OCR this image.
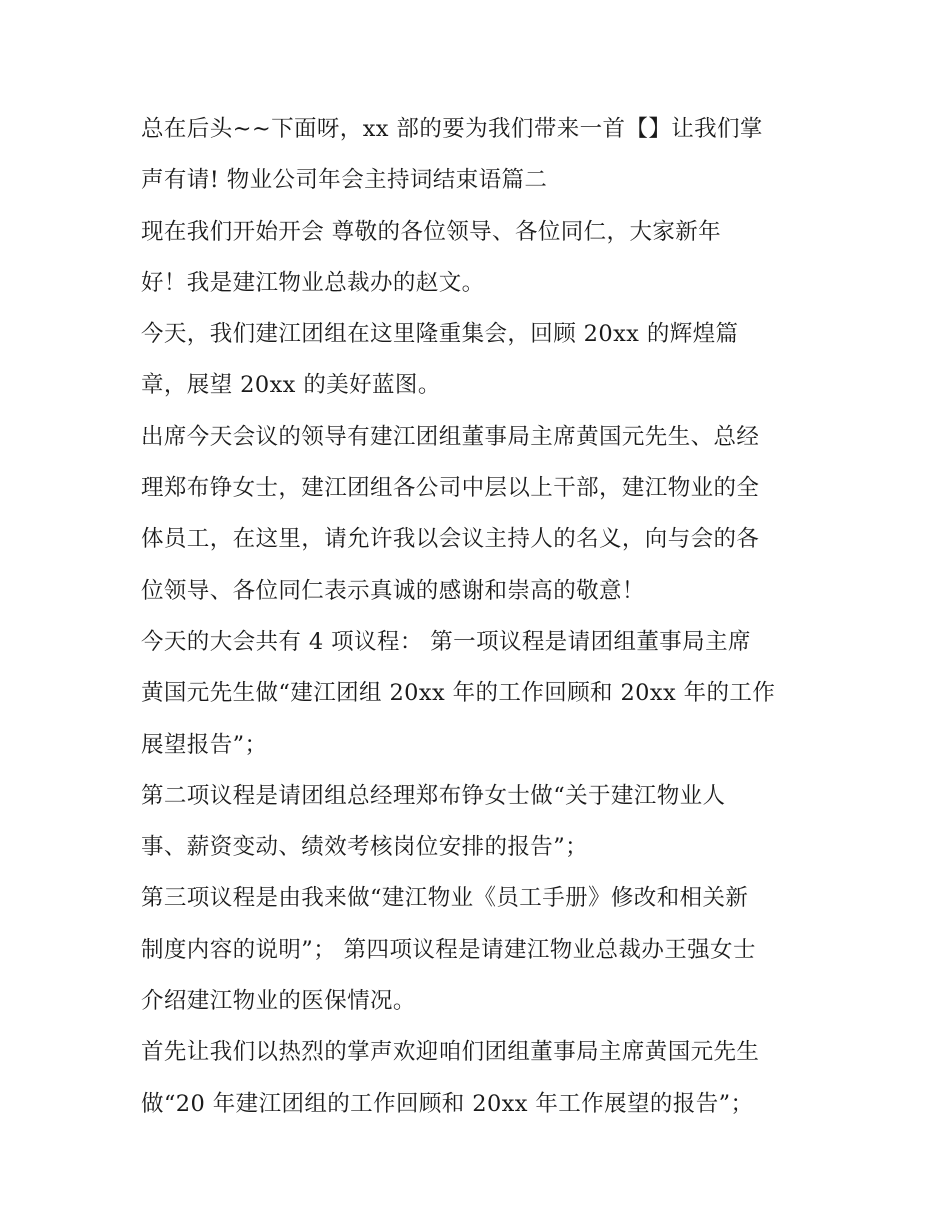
总在后头~~下面呀，xx 部的要为我们带来一首【】让我们掌
声有请! 物业公司年会主持词结束语篇二
现在我们开始开会 尊敬的各位领导、各位同仁，大家新年
好！我是建江物业总裁办的赵文。
今天，我们建江团组在这里隆重集会，回顾 20xx 的辉煌篇
章，展望 20xx 的美好蓝图。
出席今天会议的领导有建江团组董事局主席黄国元先生、总经
理郑布铮女士，建江团组各公司中层以上干部，建江物业的全
体员工，在这里，请允许我以会议主持人的名义，向与会的各
位领导、各位同仁表示真诚的感谢和崇高的敬意！
今天的大会共有 4 项议程： 第一项议程是请团组董事局主席
黄国元先生做“建江团组 20xx 年的工作回顾和 20xx 年的工作
展望报告”；
第二项议程是请团组总经理郑布铮女士做“关于建江物业人
事、薪资变动、绩效考核岗位安排的报告”；
第三项议程是由我来做“建江物业《员工手册》修改和相关新
制度内容的说明”； 第四项议程是请建江物业总裁办王强女士
介绍建江物业的医保情况。
首先让我们以热烈的掌声欢迎咱们团组董事局主席黄国元先生
做“20 年建江团组的工作回顾和 20xx 年工作展望的报告”；
